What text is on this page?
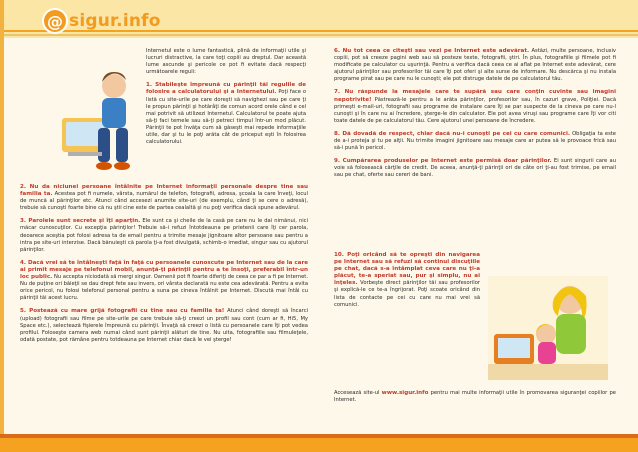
@ sigur.info

Internetul este o lume fantastică, plină de informaţii utile şi lucruri distractive, la care toţi copiii au dreptul. Dar această lume ascunde şi pericole ce pot fi evitate dacă respecţi următoarele reguli:

1. Stabileşte împreună cu părinţii tăi regulile de folosire a calculatorului şi a Internetului. Poţi face o listă cu site-urile pe care doreşti să navighezi sau pe care ţi le propun părinţii şi hotărâţi de comun acord orele când e cel mai potrivit să utilizezi Internetul. Calculatorul te poate ajuta să-ţi faci temele sau să-ţi petreci timpul într-un mod plăcut. Părinţii te pot învăţa cum să găseşti mai repede informaţiile utile, dar şi tu le poţi arăta cât de priceput eşti în folosirea calculatorului.

2. Nu da niciunei persoane întâlnite pe Internet informaţii personale despre tine sau familia ta. Acestea pot fi numele, vârsta, numărul de telefon, fotografii, adresa, şcoala la care înveţi, locul de muncă al părinţilor etc. Atunci când accesezi anumite site-uri (de exemplu, când ţi se cere o adresă), trebuie să cunoşti foarte bine că nu ştii cine este de partea cealaltă şi nu poţi verifica dacă spune adevărul.

3. Parolele sunt secrete şi îţi aparţin. Ele sunt ca şi cheile de la casă pe care nu le dai nimănui, nici măcar cunoscuţilor. Cu excepţia părinţilor! Trebuie să-i refuzi întotdeauna pe prietenii care îţi cer parola, deoarece aceştia pot folosi adresa ta de email pentru a trimite mesaje jignitoare altor persoane sau pentru a intra pe site-uri interzise. Dacă bănuieşti că parola ţi-a fost divulgată, schimb-o imediat, singur sau cu ajutorul părinţilor.

4. Dacă vrei să te întâlneşti faţă în faţă cu persoanele cunoscute pe Internet sau de la care ai primit mesaje pe telefonul mobil, anunţă-ţi părinţii pentru a te însoţi, preferabil într-un loc public. Nu accepta niciodată să mergi singur. Oamenii pot fi foarte diferiţi de ceea ce par a fi pe Internet. Nu de puţine ori băieţii se dau drept fete sau invers, ori vârsta declarată nu este cea adevărată. Pentru a evita orice pericol, nu folosi telefonul personal pentru a suna pe cineva întâlnit pe Internet. Discută mai întâi cu părinţii tăi acest lucru.

5. Postează cu mare grijă fotografii cu tine sau cu familia ta! Atunci când doreşti să încarci (upload) fotografii sau filme pe site-urile pe care trebuie să-ţi creezi un profil sau cont (cum ar fi, Hi5, My Space etc.), selectează fişierele împreună cu părinţii. Învaţă să creezi o listă cu persoanele care îţi pot vedea profilul. Foloseşte camera web numai când sunt părinţii alături de tine. Nu uita, fotografiile sau filmuleţele, odată postate, pot rămâne pentru totdeauna pe Internet chiar dacă le vei şterge!

6. Nu tot ceea ce citeşti sau vezi pe Internet este adevărat. Astăzi, multe persoane, inclusiv copiii, pot să creeze pagini web sau să posteze texte, fotografii, ştiri. În plus, fotografiile şi filmele pot fi modificate pe calculator cu uşurinţă. Pentru a verifica dacă ceea ce ai aflat pe Internet este adevărat, cere ajutorul părinţilor sau profesorilor tăi care îţi pot oferi şi alte surse de informare. Nu descărca şi nu instala programe pirat sau pe care nu le cunoşti; ele pot distruge datele de pe calculatorul tău.

7. Nu răspunde la mesajele care te supără sau care conţin cuvinte sau imagini nepotrivite! Păstrează-le pentru a le arăta părinţilor, profesorilor sau, în cazuri grave, Poliţiei. Dacă primeşti e-mail-uri, fotografii sau programe de instalare care îţi se par suspecte de la cineva pe care nu-l cunoşti şi în care nu ai încredere, şterge-le din calculator. Ele pot avea viruşi sau programe care îţi vor citi toate datele de pe calculatorul tău. Cere ajutorul unei persoane de încredere.

8. Dă dovadă de respect, chiar dacă nu-i cunoşti pe cei cu care comunici. Obligaţia ta este de a-i proteja şi tu pe alţii. Nu trimite imagini jignitoare sau mesaje care ar putea să le provoace frică sau să-i pună în pericol.

9. Cumpărarea produselor pe Internet este permisă doar părinţilor. Ei sunt singurii care au voie să folosească cărţile de credit. De aceea, anunţă-ţi părinţii ori de câte ori ţi-au fost trimise, pe email sau pe chat, oferte sau cereri de bani.

10. Poţi oricând să te opreşti din navigarea pe Internet sau să refuzi să continui discuţiile pe chat, dacă s-a întâmplat ceva care nu ţi-a plăcut, te-a speriat sau, pur şi simplu, nu ai înţeles. Vorbeşte direct părinţilor tăi sau profesorilor şi explică-le ce te-a îngrijorat. Poţi scoate oricând din lista de contacte pe cei cu care nu mai vrei să comunici.

Accesează site-ul www.sigur.info pentru mai multe informaţii utile în promovarea siguranţei copiilor pe Internet.
